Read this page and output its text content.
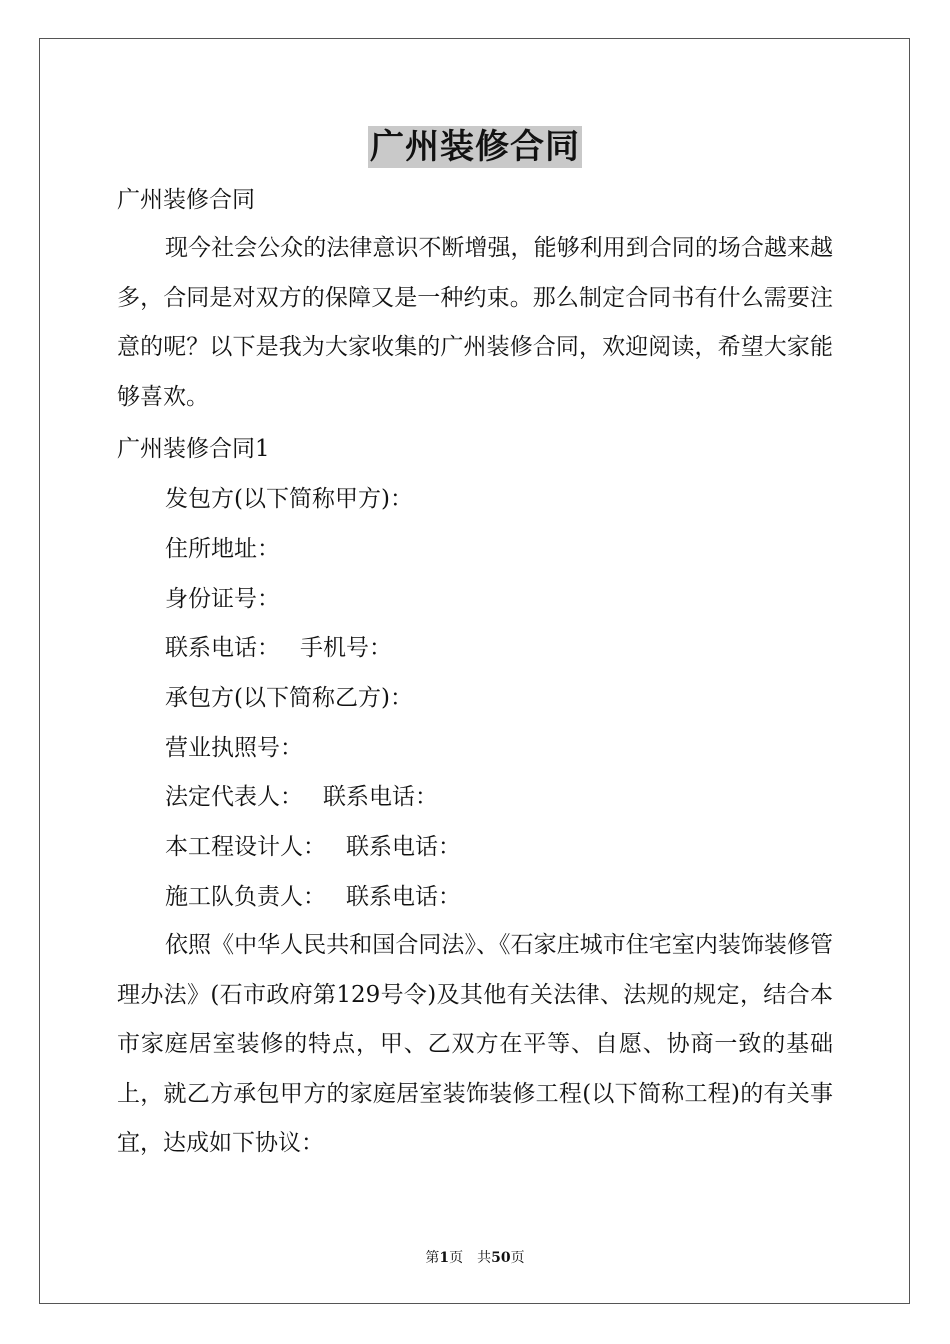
广州装修合同
广州装修合同
现今社会公众的法律意识不断增强，能够利用到合同的场合越来越多，合同是对双方的保障又是一种约束。那么制定合同书有什么需要注意的呢？以下是我为大家收集的广州装修合同，欢迎阅读，希望大家能够喜欢。
广州装修合同1
发包方(以下简称甲方)：
住所地址：
身份证号：
联系电话： 手机号：
承包方(以下简称乙方)：
营业执照号：
法定代表人： 联系电话：
本工程设计人： 联系电话：
施工队负责人： 联系电话：
依照《中华人民共和国合同法》、《石家庄城市住宅室内装饰装修管理办法》(石市政府第129号令)及其他有关法律、法规的规定，结合本市家庭居室装修的特点，甲、乙双方在平等、自愿、协商一致的基础上，就乙方承包甲方的家庭居室装饰装修工程(以下简称工程)的有关事宜，达成如下协议：
第1页　共50页
